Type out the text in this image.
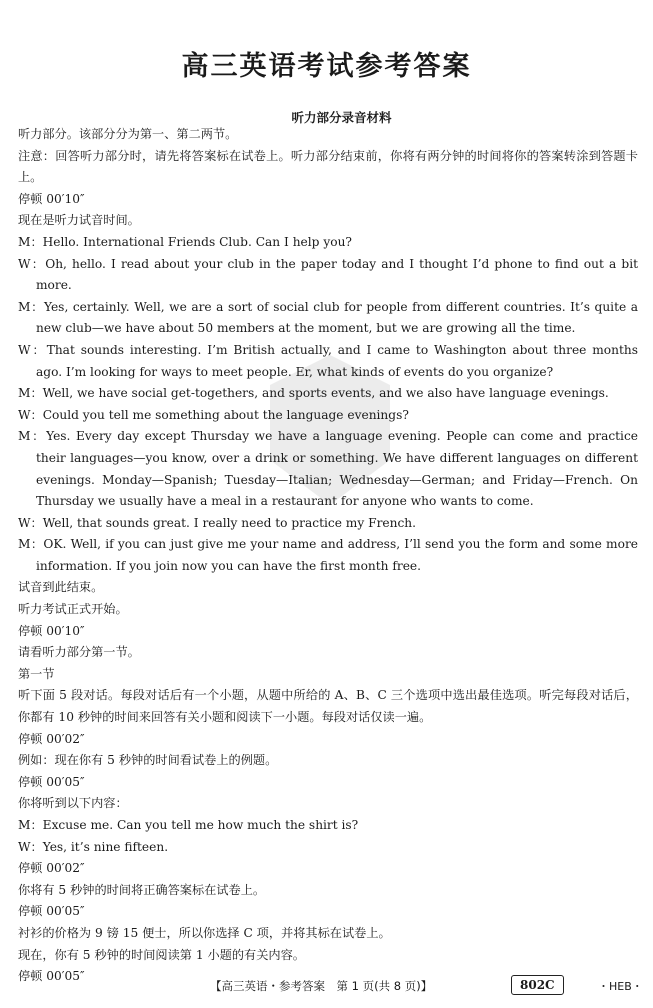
高三英语考试参考答案
听力部分录音材料

听力部分。该部分分为第一、第二两节。

注意：回答听力部分时，请先将答案标在试卷上。听力部分结束前，你将有两分钟的时间将你的答案转涂到答题卡上。

停顿 00′10″

现在是听力试音时间。

M：Hello. International Friends Club. Can I help you?

W：Oh, hello. I read about your club in the paper today and I thought I’d phone to find out a bit more.

M：Yes, certainly. Well, we are a sort of social club for people from different countries. It’s quite a new club—we have about 50 members at the moment, but we are growing all the time.

W：That sounds interesting. I’m British actually, and I came to Washington about three months ago. I’m looking for ways to meet people. Er, what kinds of events do you organize?

M：Well, we have social get-togethers, and sports events, and we also have language evenings.

W：Could you tell me something about the language evenings?

M：Yes. Every day except Thursday we have a language evening. People can come and practice their languages—you know, over a drink or something. We have different languages on different evenings. Monday—Spanish; Tuesday—Italian; Wednesday—German; and Friday—French. On Thursday we usually have a meal in a restaurant for anyone who wants to come.

W：Well, that sounds great. I really need to practice my French.

M：OK. Well, if you can just give me your name and address, I’ll send you the form and some more information. If you join now you can have the first month free.

试音到此结束。

听力考试正式开始。

停顿 00′10″

请看听力部分第一节。

第一节

听下面 5 段对话。每段对话后有一个小题，从题中所给的 A、B、C 三个选项中选出最佳选项。听完每段对话后，你都有 10 秒钟的时间来回答有关小题和阅读下一小题。每段对话仅读一遍。

停顿 00′02″

例如：现在你有 5 秒钟的时间看试卷上的例题。

停顿 00′05″

你将听到以下内容：

M：Excuse me. Can you tell me how much the shirt is?

W：Yes, it’s nine fifteen.

停顿 00′02″

你将有 5 秒钟的时间将正确答案标在试卷上。

停顿 00′05″

衬衫的价格为 9 镑 15 便士，所以你选择 C 项，并将其标在试卷上。

现在，你有 5 秒钟的时间阅读第 1 小题的有关内容。

停顿 00′05″

【高三英语・参考答案　第 1 页(共 8 页)】	802C	・HEB・
